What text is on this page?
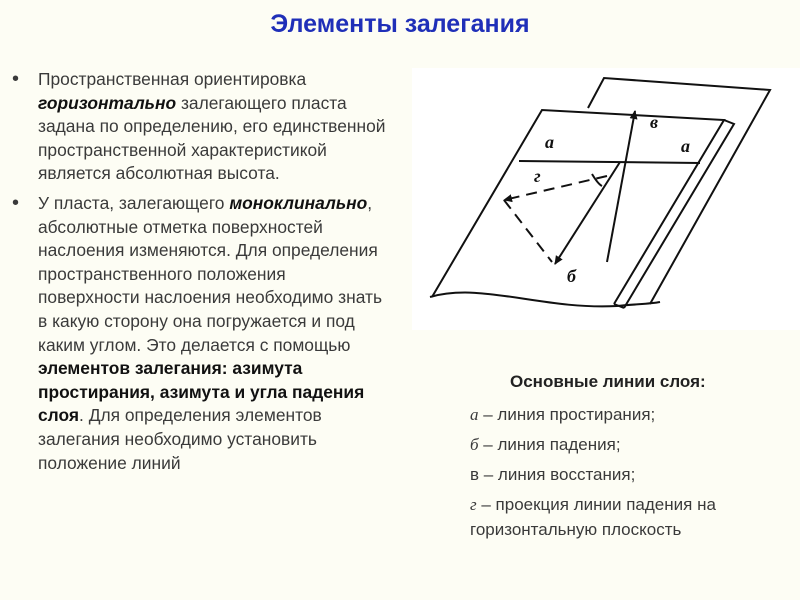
Элементы залегания
• Пространственная ориентировка горизонтально залегающего пласта задана по определению, его единственной пространственной характеристикой является абсолютная высота.
• У пласта, залегающего моноклинально, абсолютные отметка поверхностей наслоения изменяются. Для определения пространственного положения поверхности наслоения необходимо знать в какую сторону она погружается и под каким углом. Это делается с помощью элементов залегания: азимута простирания, азимута и угла падения слоя. Для определения элементов залегания необходимо установить положение линий
а	а
в
г
б
Основные линии слоя:
а – линия простирания;
б – линия падения;
в – линия восстания;
г – проекция линии падения на горизонтальную плоскость
